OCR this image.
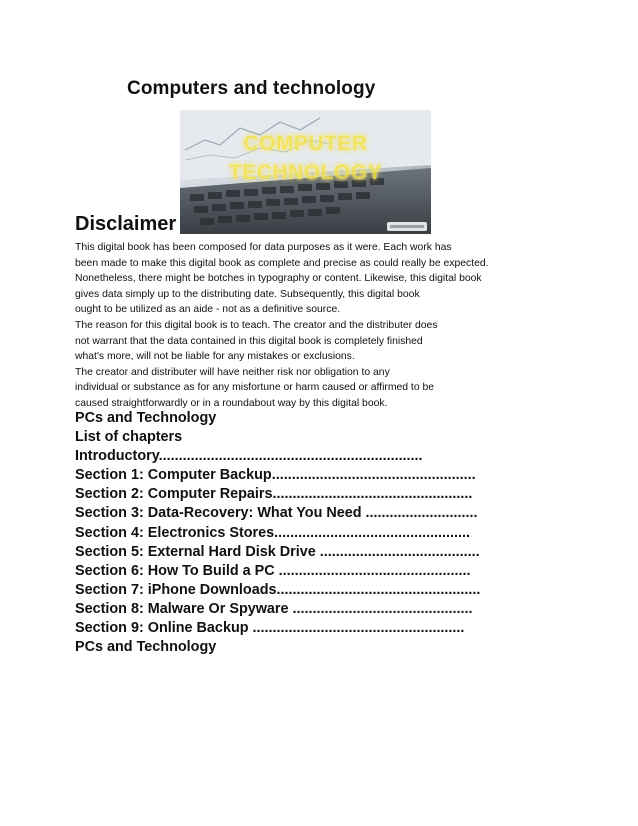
Computers and technology
COMPUTER
TECHNOLOGY
Disclaimer
This digital book has been composed for data purposes as it were. Each work has
been made to make this digital book as complete and precise as could really be expected.
Nonetheless, there might be botches in typography or content. Likewise, this digital book
gives data simply up to the distributing date. Subsequently, this digital book
ought to be utilized as an aide - not as a definitive source.
The reason for this digital book is to teach. The creator and the distributer does
not warrant that the data contained in this digital book is completely finished
what's more, will not be liable for any mistakes or exclusions.
The creator and distributer will have neither risk nor obligation to any
individual or substance as for any misfortune or harm caused or affirmed to be
caused straightforwardly or in a roundabout way by this digital book.
PCs and Technology
List of chapters
Introductory..................................................................
Section 1: Computer Backup...................................................
Section 2: Computer Repairs..................................................
Section 3: Data-Recovery: What You Need ............................
Section 4: Electronics Stores.................................................
Section 5: External Hard Disk Drive ........................................
Section 6: How To Build a PC ................................................
Section 7: iPhone Downloads...................................................
Section 8: Malware Or Spyware .............................................
Section 9: Online Backup .....................................................
PCs and Technology
